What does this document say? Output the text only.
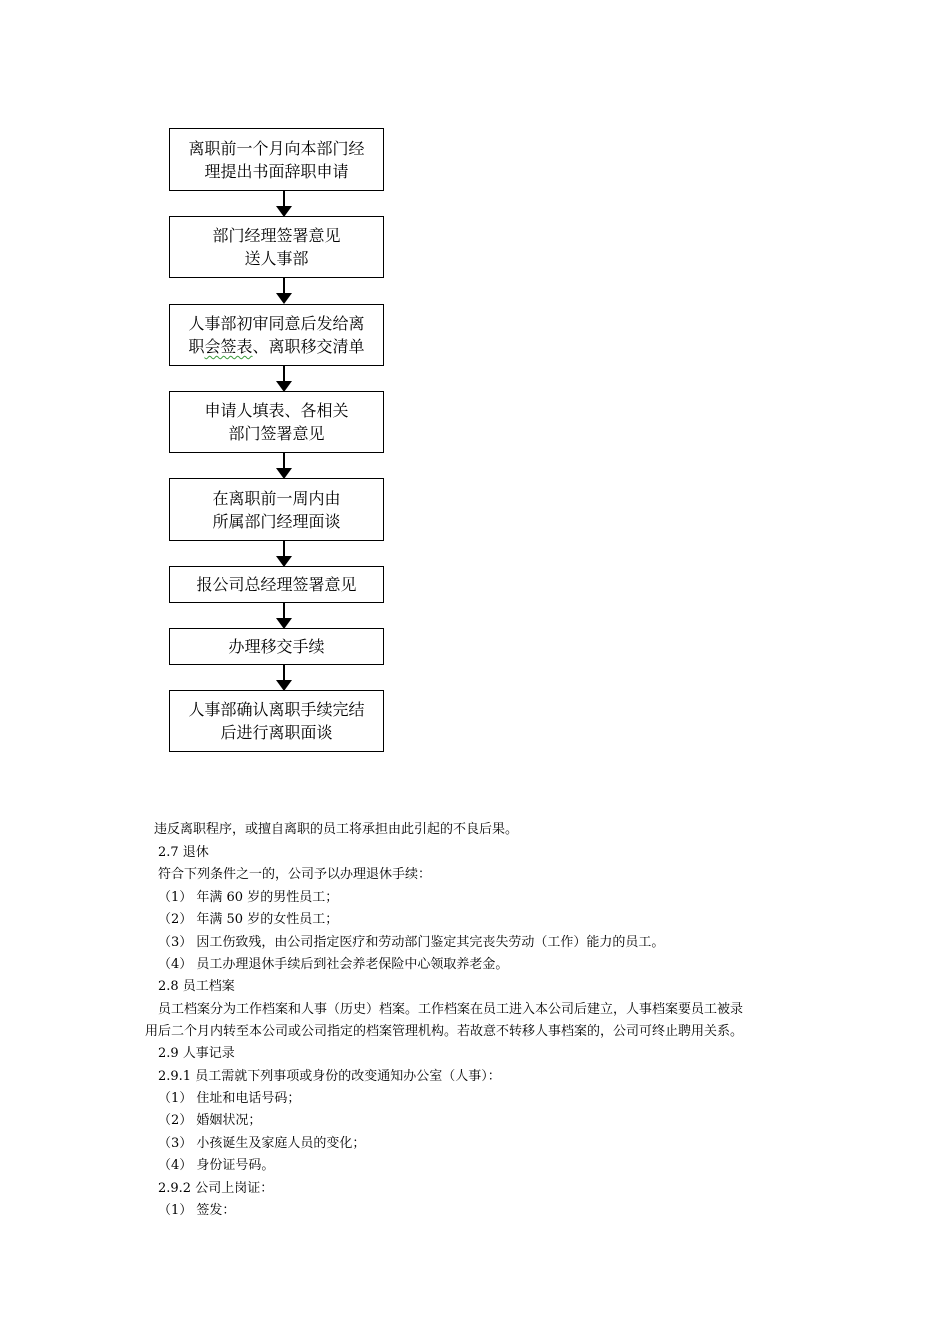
离职前一个月向本部门经
理提出书面辞职申请
部门经理签署意见
送人事部
人事部初审同意后发给离
职会签表、离职移交清单
申请人填表、各相关
部门签署意见
在离职前一周内由
所属部门经理面谈
报公司总经理签署意见
办理移交手续
人事部确认离职手续完结
后进行离职面谈
违反离职程序，或擅自离职的员工将承担由此引起的不良后果。
2.7 退休
符合下列条件之一的，公司予以办理退休手续：
（1） 年满 60 岁的男性员工；
（2） 年满 50 岁的女性员工；
（3） 因工伤致残，由公司指定医疗和劳动部门鉴定其完丧失劳动（工作）能力的员工。
（4） 员工办理退休手续后到社会养老保险中心领取养老金。
2.8 员工档案
员工档案分为工作档案和人事（历史）档案。工作档案在员工进入本公司后建立，人事档案要员工被录
用后二个月内转至本公司或公司指定的档案管理机构。若故意不转移人事档案的，公司可终止聘用关系。
2.9 人事记录
2.9.1 员工需就下列事项或身份的改变通知办公室（人事）：
（1） 住址和电话号码；
（2） 婚姻状况；
（3） 小孩诞生及家庭人员的变化；
（4） 身份证号码。
2.9.2 公司上岗证：
（1） 签发：
